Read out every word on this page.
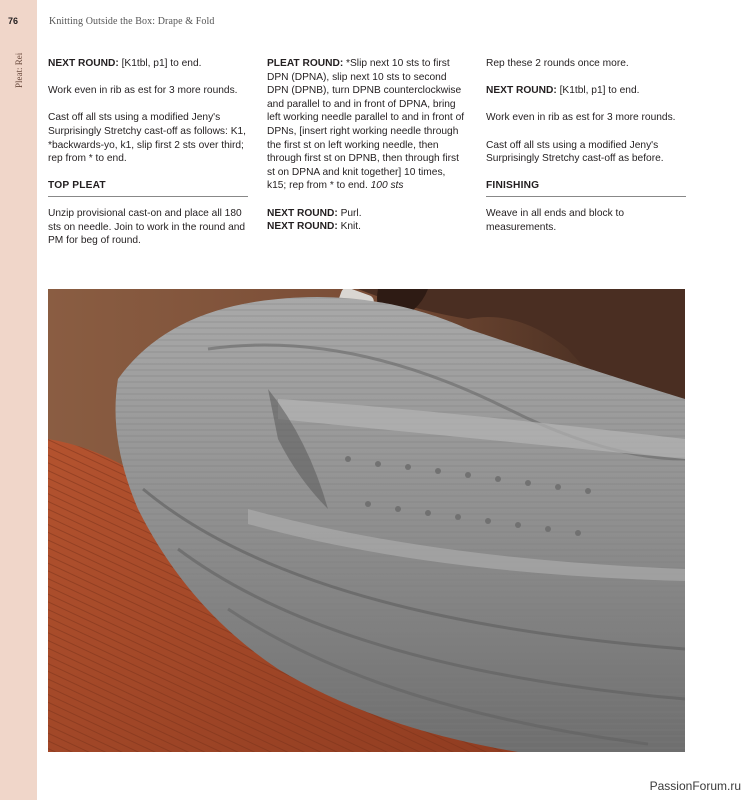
76
Pleat: Rei
Knitting Outside the Box: Drape & Fold

NEXT ROUND: [K1tbl, p1] to end.

Work even in rib as est for 3 more rounds.

Cast off all sts using a modified Jeny's Surprisingly Stretchy cast-off as follows: K1, *backwards-yo, k1, slip first 2 sts over third; rep from * to end.

TOP PLEAT

Unzip provisional cast-on and place all 180 sts on needle. Join to work in the round and PM for beg of round.

PLEAT ROUND: *Slip next 10 sts to first DPN (DPNA), slip next 10 sts to second DPN (DPNB), turn DPNB counterclockwise and parallel to and in front of DPNA, bring left working needle parallel to and in front of DPNs, [insert right working needle through the first st on left working needle, then through first st on DPNB, then through first st on DPNA and knit together] 10 times, k15; rep from * to end. 100 sts

NEXT ROUND: Purl.

NEXT ROUND: Knit.

Rep these 2 rounds once more.

NEXT ROUND: [K1tbl, p1] to end.

Work even in rib as est for 3 more rounds.

Cast off all sts using a modified Jeny's Surprisingly Stretchy cast-off as before.

FINISHING

Weave in all ends and block to measurements.

PassionForum.ru
